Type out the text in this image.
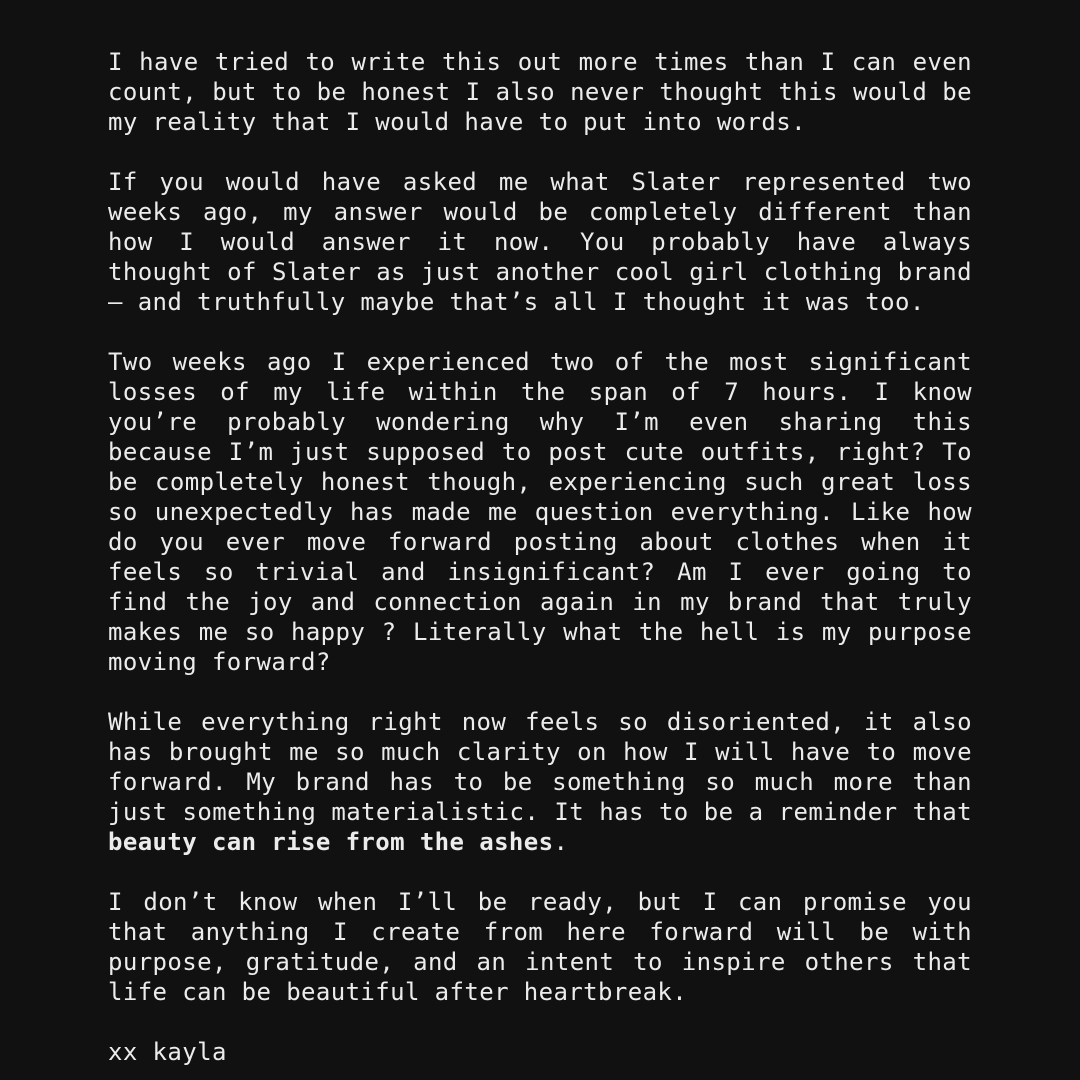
I have tried to write this out more times than I can even count, but to be honest I also never thought this would be my reality that I would have to put into words.

If you would have asked me what Slater represented two weeks ago, my answer would be completely different than how I would answer it now. You probably have always thought of Slater as just another cool girl clothing brand – and truthfully maybe that’s all I thought it was too.

Two weeks ago I experienced two of the most significant losses of my life within the span of 7 hours. I know you’re probably wondering why I’m even sharing this because I’m just supposed to post cute outfits, right? To be completely honest though, experiencing such great loss so unexpectedly has made me question everything. Like how do you ever move forward posting about clothes when it feels so trivial and insignificant? Am I ever going to find the joy and connection again in my brand that truly makes me so happy ? Literally what the hell is my purpose moving forward?

While everything right now feels so disoriented, it also has brought me so much clarity on how I will have to move forward. My brand has to be something so much more than just something materialistic. It has to be a reminder that beauty can rise from the ashes.

I don’t know when I’ll be ready, but I can promise you that anything I create from here forward will be with purpose, gratitude, and an intent to inspire others that life can be beautiful after heartbreak.

xx kayla
